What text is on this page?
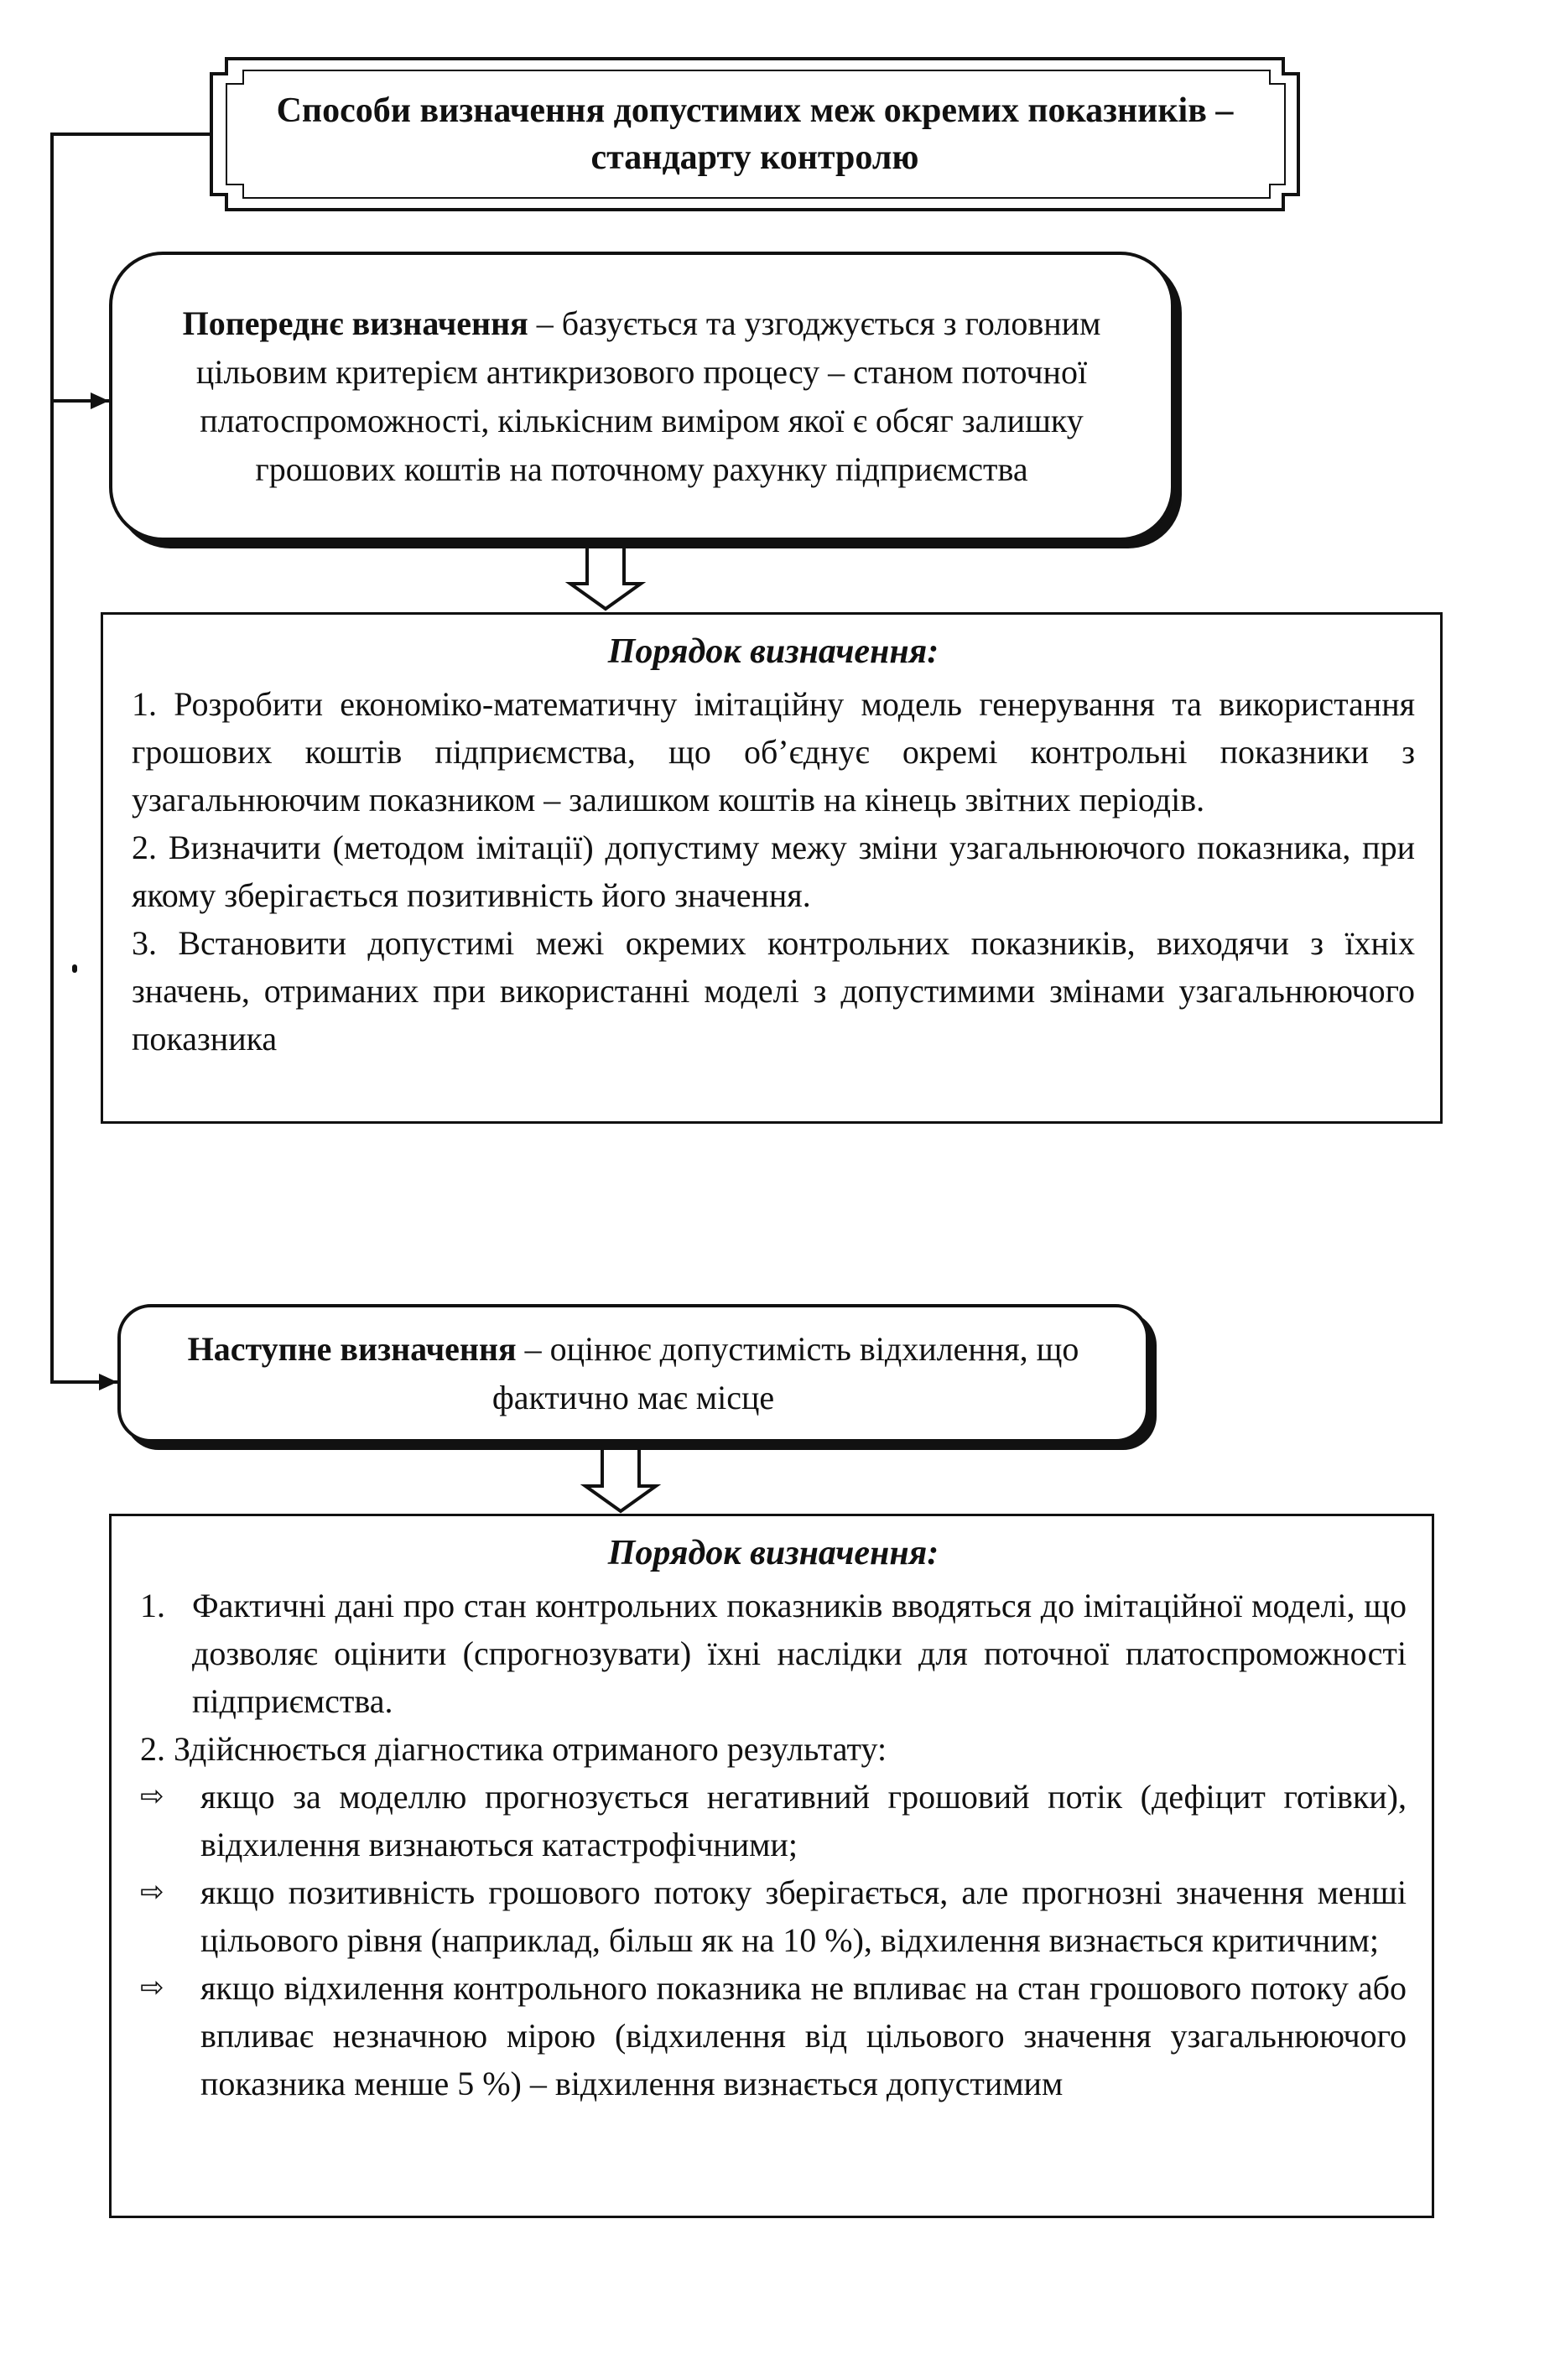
Способи визначення допустимих меж окремих показників – стандарту контролю
Попереднє визначення – базується та узгоджується з головним цільовим критерієм антикризового процесу – станом поточної платоспроможності, кількісним виміром якої є обсяг залишку грошових коштів на поточному рахунку підприємства
Порядок визначення:

1. Розробити економіко-математичну імітаційну модель генерування та використання грошових коштів підприємства, що об’єднує окремі контрольні показники з узагальнюючим показником – залишком коштів на кінець звітних періодів.

2. Визначити (методом імітації) допустиму межу зміни узагальнюючого показника, при якому зберігається позитивність його значення.

3. Встановити допустимі межі окремих контрольних показників, виходячи з їхніх значень, отриманих при використанні моделі з допустимими змінами узагальнюючого показника

Наступне визначення – оцінює допустимість відхилення, що фактично має місце
Порядок визначення:
1. Фактичні дані про стан контрольних показників вводяться до імітаційної моделі, що дозволяє оцінити (спрогнозувати) їхні наслідки для поточної платоспроможності підприємства.

2. Здійснюється діагностика отриманого результату:

⇨	якщо за моделлю прогнозується негативний грошовий потік (дефіцит готівки), відхилення визнаються катастрофічними;
⇨	якщо позитивність грошового потоку зберігається, але прогнозні значення менші цільового рівня (наприклад, більш як на 10 %), відхилення визнається критичним;
⇨	якщо відхилення контрольного показника не впливає на стан грошового потоку або впливає незначною мірою (відхилення від цільового значення узагальнюючого показника менше 5 %) – відхилення визнається допустимим
